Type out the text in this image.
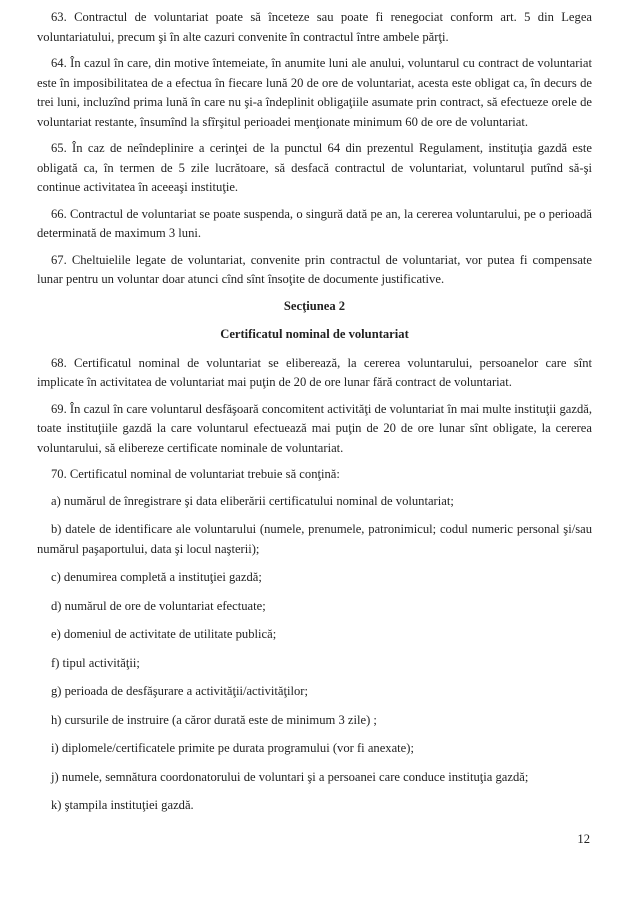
63. Contractul de voluntariat poate să înceteze sau poate fi renegociat conform art. 5 din Legea voluntariatului, precum şi în alte cazuri convenite în contractul între ambele părţi.

64. În cazul în care, din motive întemeiate, în anumite luni ale anului, voluntarul cu contract de voluntariat este în imposibilitatea de a efectua în fiecare lună 20 de ore de voluntariat, acesta este obligat ca, în decurs de trei luni, incluzînd prima lună în care nu şi-a îndeplinit obligaţiile asumate prin contract, să efectueze orele de voluntariat restante, însumînd la sfîrşitul perioadei menţionate minimum 60 de ore de voluntariat.

65. În caz de neîndeplinire a cerinţei de la punctul 64 din prezentul Regulament, instituţia gazdă este obligată ca, în termen de 5 zile lucrătoare, să desfacă contractul de voluntariat, voluntarul putînd să-şi continue activitatea în aceeaşi instituţie.

66. Contractul de voluntariat se poate suspenda, o singură dată pe an, la cererea voluntarului, pe o perioadă determinată de maximum 3 luni.

67. Cheltuielile legate de voluntariat, convenite prin contractul de voluntariat, vor putea fi compensate lunar pentru un voluntar doar atunci cînd sînt însoţite de documente justificative.

Secţiunea 2

Certificatul nominal de voluntariat

68. Certificatul nominal de voluntariat se eliberează, la cererea voluntarului, persoanelor care sînt implicate în activitatea de voluntariat mai puţin de 20 de ore lunar fără contract de voluntariat.

69. În cazul în care voluntarul desfăşoară concomitent activităţi de voluntariat în mai multe instituţii gazdă, toate instituţiile gazdă la care voluntarul efectuează mai puţin de 20 de ore lunar sînt obligate, la cererea voluntarului, să elibereze certificate nominale de voluntariat.

70. Certificatul nominal de voluntariat trebuie să conţină:

a) numărul de înregistrare şi data eliberării certificatului nominal de voluntariat;

b) datele de identificare ale voluntarului (numele, prenumele, patronimicul; codul numeric personal şi/sau numărul paşaportului, data şi locul naşterii);

c) denumirea completă a instituţiei gazdă;

d) numărul de ore de voluntariat efectuate;

e) domeniul de activitate de utilitate publică;

f) tipul activităţii;

g) perioada de desfăşurare a activităţii/activităţilor;

h) cursurile de instruire (a căror durată este de minimum 3 zile) ;

i) diplomele/certificatele primite pe durata programului (vor fi anexate);

j) numele, semnătura coordonatorului de voluntari şi a persoanei care conduce instituţia gazdă;

k) ştampila instituţiei gazdă.

12
